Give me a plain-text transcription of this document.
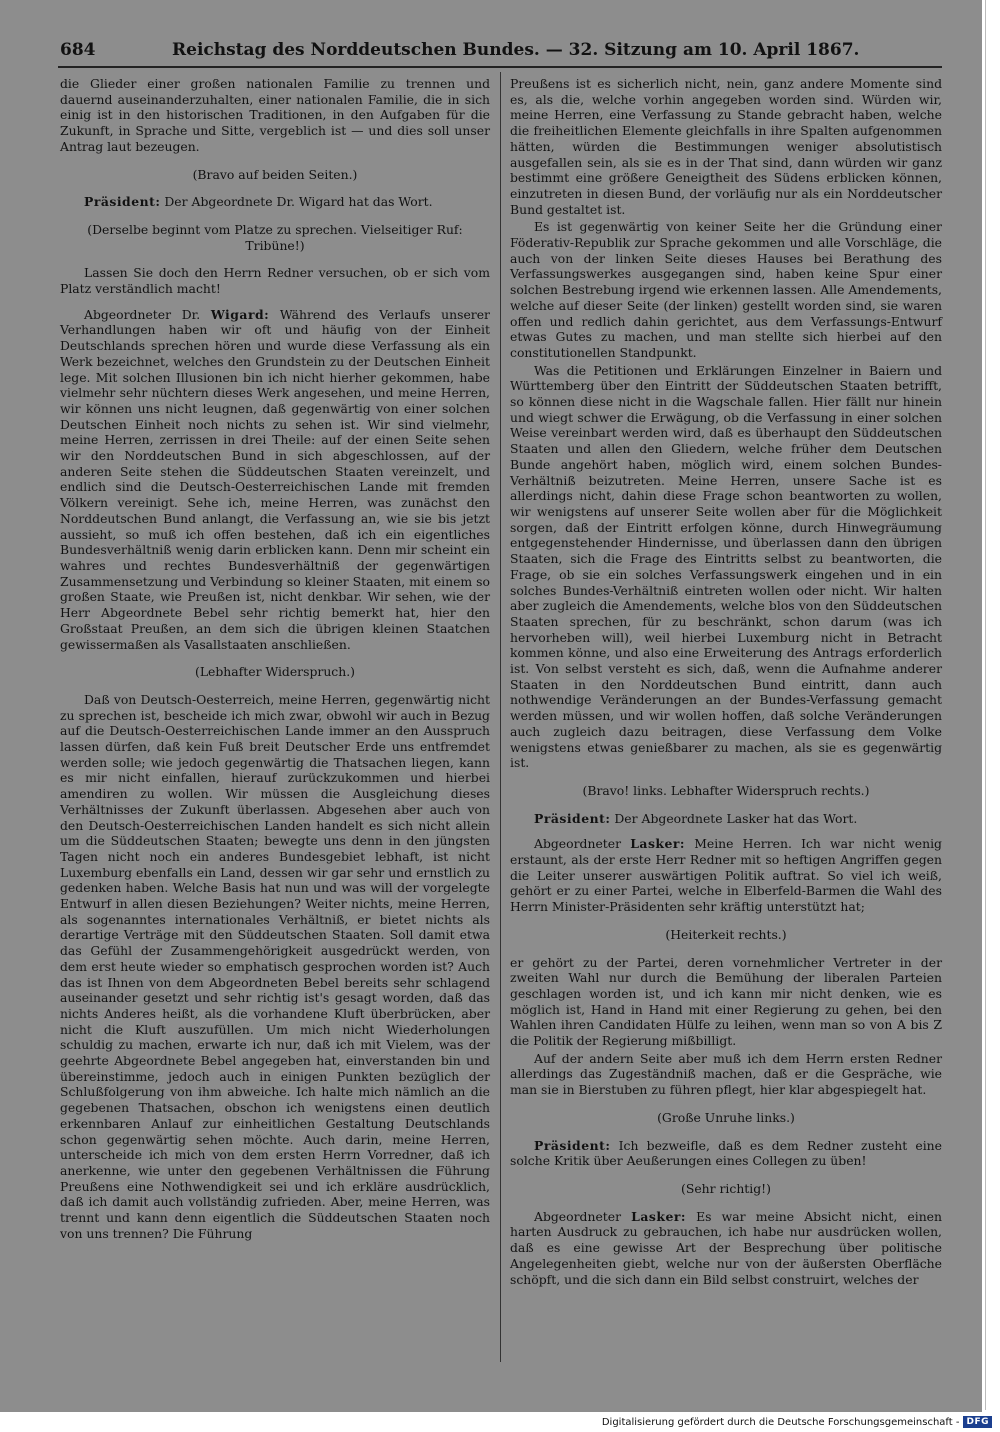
684	Reichstag des Norddeutschen Bundes. — 32. Sitzung am 10. April 1867.

die Glieder einer großen nationalen Familie zu trennen und dauernd auseinanderzuhalten, einer nationalen Familie, die in sich einig ist in den historischen Traditionen, in den Aufgaben für die Zukunft, in Sprache und Sitte, vergeblich ist — und dies soll unser Antrag laut bezeugen.

(Bravo auf beiden Seiten.)

Präsident: Der Abgeordnete Dr. Wigard hat das Wort.

(Derselbe beginnt vom Platze zu sprechen. Vielseitiger Ruf: Tribüne!)

Lassen Sie doch den Herrn Redner versuchen, ob er sich vom Platz verständlich macht!

Abgeordneter Dr. Wigard: Während des Verlaufs unserer Verhandlungen haben wir oft und häufig von der Einheit Deutschlands sprechen hören und wurde diese Verfassung als ein Werk bezeichnet, welches den Grundstein zu der Deutschen Einheit lege. Mit solchen Illusionen bin ich nicht hierher gekommen, habe vielmehr sehr nüchtern dieses Werk angesehen, und meine Herren, wir können uns nicht leugnen, daß gegenwärtig von einer solchen Deutschen Einheit noch nichts zu sehen ist. Wir sind vielmehr, meine Herren, zerrissen in drei Theile: auf der einen Seite sehen wir den Norddeutschen Bund in sich abgeschlossen, auf der anderen Seite stehen die Süddeutschen Staaten vereinzelt, und endlich sind die Deutsch-Oesterreichischen Lande mit fremden Völkern vereinigt. Sehe ich, meine Herren, was zunächst den Norddeutschen Bund anlangt, die Verfassung an, wie sie bis jetzt aussieht, so muß ich offen bestehen, daß ich ein eigentliches Bundesverhältniß wenig darin erblicken kann. Denn mir scheint ein wahres und rechtes Bundesverhältniß der gegenwärtigen Zusammensetzung und Verbindung so kleiner Staaten, mit einem so großen Staate, wie Preußen ist, nicht denkbar. Wir sehen, wie der Herr Abgeordnete Bebel sehr richtig bemerkt hat, hier den Großstaat Preußen, an dem sich die übrigen kleinen Staatchen gewissermaßen als Vasallstaaten anschließen.

(Lebhafter Widerspruch.)

Daß von Deutsch-Oesterreich, meine Herren, gegenwärtig nicht zu sprechen ist, bescheide ich mich zwar, obwohl wir auch in Bezug auf die Deutsch-Oesterreichischen Lande immer an den Ausspruch lassen dürfen, daß kein Fuß breit Deutscher Erde uns entfremdet werden solle; wie jedoch gegenwärtig die Thatsachen liegen, kann es mir nicht einfallen, hierauf zurückzukommen und hierbei amendiren zu wollen. Wir müssen die Ausgleichung dieses Verhältnisses der Zukunft überlassen. Abgesehen aber auch von den Deutsch-Oesterreichischen Landen handelt es sich nicht allein um die Süddeutschen Staaten; bewegte uns denn in den jüngsten Tagen nicht noch ein anderes Bundesgebiet lebhaft, ist nicht Luxemburg ebenfalls ein Land, dessen wir gar sehr und ernstlich zu gedenken haben. Welche Basis hat nun und was will der vorgelegte Entwurf in allen diesen Beziehungen? Weiter nichts, meine Herren, als sogenanntes internationales Verhältniß, er bietet nichts als derartige Verträge mit den Süddeutschen Staaten. Soll damit etwa das Gefühl der Zusammengehörigkeit ausgedrückt werden, von dem erst heute wieder so emphatisch gesprochen worden ist? Auch das ist Ihnen von dem Abgeordneten Bebel bereits sehr schlagend auseinander gesetzt und sehr richtig ist's gesagt worden, daß das nichts Anderes heißt, als die vorhandene Kluft überbrücken, aber nicht die Kluft auszufüllen. Um mich nicht Wiederholungen schuldig zu machen, erwarte ich nur, daß ich mit Vielem, was der geehrte Abgeordnete Bebel angegeben hat, einverstanden bin und übereinstimme, jedoch auch in einigen Punkten bezüglich der Schlußfolgerung von ihm abweiche. Ich halte mich nämlich an die gegebenen Thatsachen, obschon ich wenigstens einen deutlich erkennbaren Anlauf zur einheitlichen Gestaltung Deutschlands schon gegenwärtig sehen möchte. Auch darin, meine Herren, unterscheide ich mich von dem ersten Herrn Vorredner, daß ich anerkenne, wie unter den gegebenen Verhältnissen die Führung Preußens eine Nothwendigkeit sei und ich erkläre ausdrücklich, daß ich damit auch vollständig zufrieden. Aber, meine Herren, was trennt und kann denn eigentlich die Süddeutschen Staaten noch von uns trennen? Die Führung

Preußens ist es sicherlich nicht, nein, ganz andere Momente sind es, als die, welche vorhin angegeben worden sind. Würden wir, meine Herren, eine Verfassung zu Stande gebracht haben, welche die freiheitlichen Elemente gleichfalls in ihre Spalten aufgenommen hätten, würden die Bestimmungen weniger absolutistisch ausgefallen sein, als sie es in der That sind, dann würden wir ganz bestimmt eine größere Geneigtheit des Südens erblicken können, einzutreten in diesen Bund, der vorläufig nur als ein Norddeutscher Bund gestaltet ist.

Es ist gegenwärtig von keiner Seite her die Gründung einer Föderativ-Republik zur Sprache gekommen und alle Vorschläge, die auch von der linken Seite dieses Hauses bei Berathung des Verfassungswerkes ausgegangen sind, haben keine Spur einer solchen Bestrebung irgend wie erkennen lassen. Alle Amendements, welche auf dieser Seite (der linken) gestellt worden sind, sie waren offen und redlich dahin gerichtet, aus dem Verfassungs-Entwurf etwas Gutes zu machen, und man stellte sich hierbei auf den constitutionellen Standpunkt.

Was die Petitionen und Erklärungen Einzelner in Baiern und Württemberg über den Eintritt der Süddeutschen Staaten betrifft, so können diese nicht in die Wagschale fallen. Hier fällt nur hinein und wiegt schwer die Erwägung, ob die Verfassung in einer solchen Weise vereinbart werden wird, daß es überhaupt den Süddeutschen Staaten und allen den Gliedern, welche früher dem Deutschen Bunde angehört haben, möglich wird, einem solchen Bundes-Verhältniß beizutreten. Meine Herren, unsere Sache ist es allerdings nicht, dahin diese Frage schon beantworten zu wollen, wir wenigstens auf unserer Seite wollen aber für die Möglichkeit sorgen, daß der Eintritt erfolgen könne, durch Hinwegräumung entgegenstehender Hindernisse, und überlassen dann den übrigen Staaten, sich die Frage des Eintritts selbst zu beantworten, die Frage, ob sie ein solches Verfassungswerk eingehen und in ein solches Bundes-Verhältniß eintreten wollen oder nicht. Wir halten aber zugleich die Amendements, welche blos von den Süddeutschen Staaten sprechen, für zu beschränkt, schon darum (was ich hervorheben will), weil hierbei Luxemburg nicht in Betracht kommen könne, und also eine Erweiterung des Antrags erforderlich ist. Von selbst versteht es sich, daß, wenn die Aufnahme anderer Staaten in den Norddeutschen Bund eintritt, dann auch nothwendige Veränderungen an der Bundes-Verfassung gemacht werden müssen, und wir wollen hoffen, daß solche Veränderungen auch zugleich dazu beitragen, diese Verfassung dem Volke wenigstens etwas genießbarer zu machen, als sie es gegenwärtig ist.

(Bravo! links. Lebhafter Widerspruch rechts.)

Präsident: Der Abgeordnete Lasker hat das Wort.

Abgeordneter Lasker: Meine Herren. Ich war nicht wenig erstaunt, als der erste Herr Redner mit so heftigen Angriffen gegen die Leiter unserer auswärtigen Politik auftrat. So viel ich weiß, gehört er zu einer Partei, welche in Elberfeld-Barmen die Wahl des Herrn Minister-Präsidenten sehr kräftig unterstützt hat;

(Heiterkeit rechts.)

er gehört zu der Partei, deren vornehmlicher Vertreter in der zweiten Wahl nur durch die Bemühung der liberalen Parteien geschlagen worden ist, und ich kann mir nicht denken, wie es möglich ist, Hand in Hand mit einer Regierung zu gehen, bei den Wahlen ihren Candidaten Hülfe zu leihen, wenn man so von A bis Z die Politik der Regierung mißbilligt.

Auf der andern Seite aber muß ich dem Herrn ersten Redner allerdings das Zugeständniß machen, daß er die Gespräche, wie man sie in Bierstuben zu führen pflegt, hier klar abgespiegelt hat.

(Große Unruhe links.)

Präsident: Ich bezweifle, daß es dem Redner zusteht eine solche Kritik über Aeußerungen eines Collegen zu üben!

(Sehr richtig!)

Abgeordneter Lasker: Es war meine Absicht nicht, einen harten Ausdruck zu gebrauchen, ich habe nur ausdrücken wollen, daß es eine gewisse Art der Besprechung über politische Angelegenheiten giebt, welche nur von der äußersten Oberfläche schöpft, und die sich dann ein Bild selbst construirt, welches der

Digitalisierung gefördert durch die Deutsche Forschungsgemeinschaft - DFG
